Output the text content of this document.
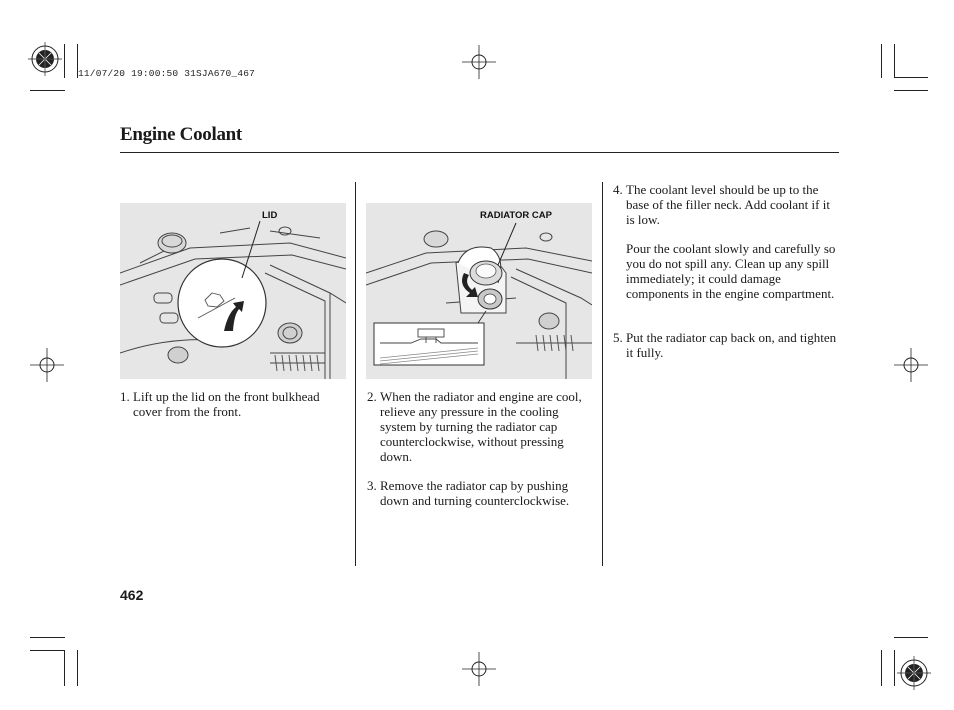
11/07/20 19:00:50 31SJA670_467
Engine Coolant
LID	RADIATOR CAP
1. Lift up the lid on the front bulkhead cover from the front.
2. When the radiator and engine are cool, relieve any pressure in the cooling system by turning the radiator cap counterclockwise, without pressing down.
3. Remove the radiator cap by pushing down and turning counterclockwise.
4. The coolant level should be up to the base of the filler neck. Add coolant if it is low.
Pour the coolant slowly and carefully so you do not spill any. Clean up any spill immediately; it could damage components in the engine compartment.
5. Put the radiator cap back on, and tighten it fully.
462
